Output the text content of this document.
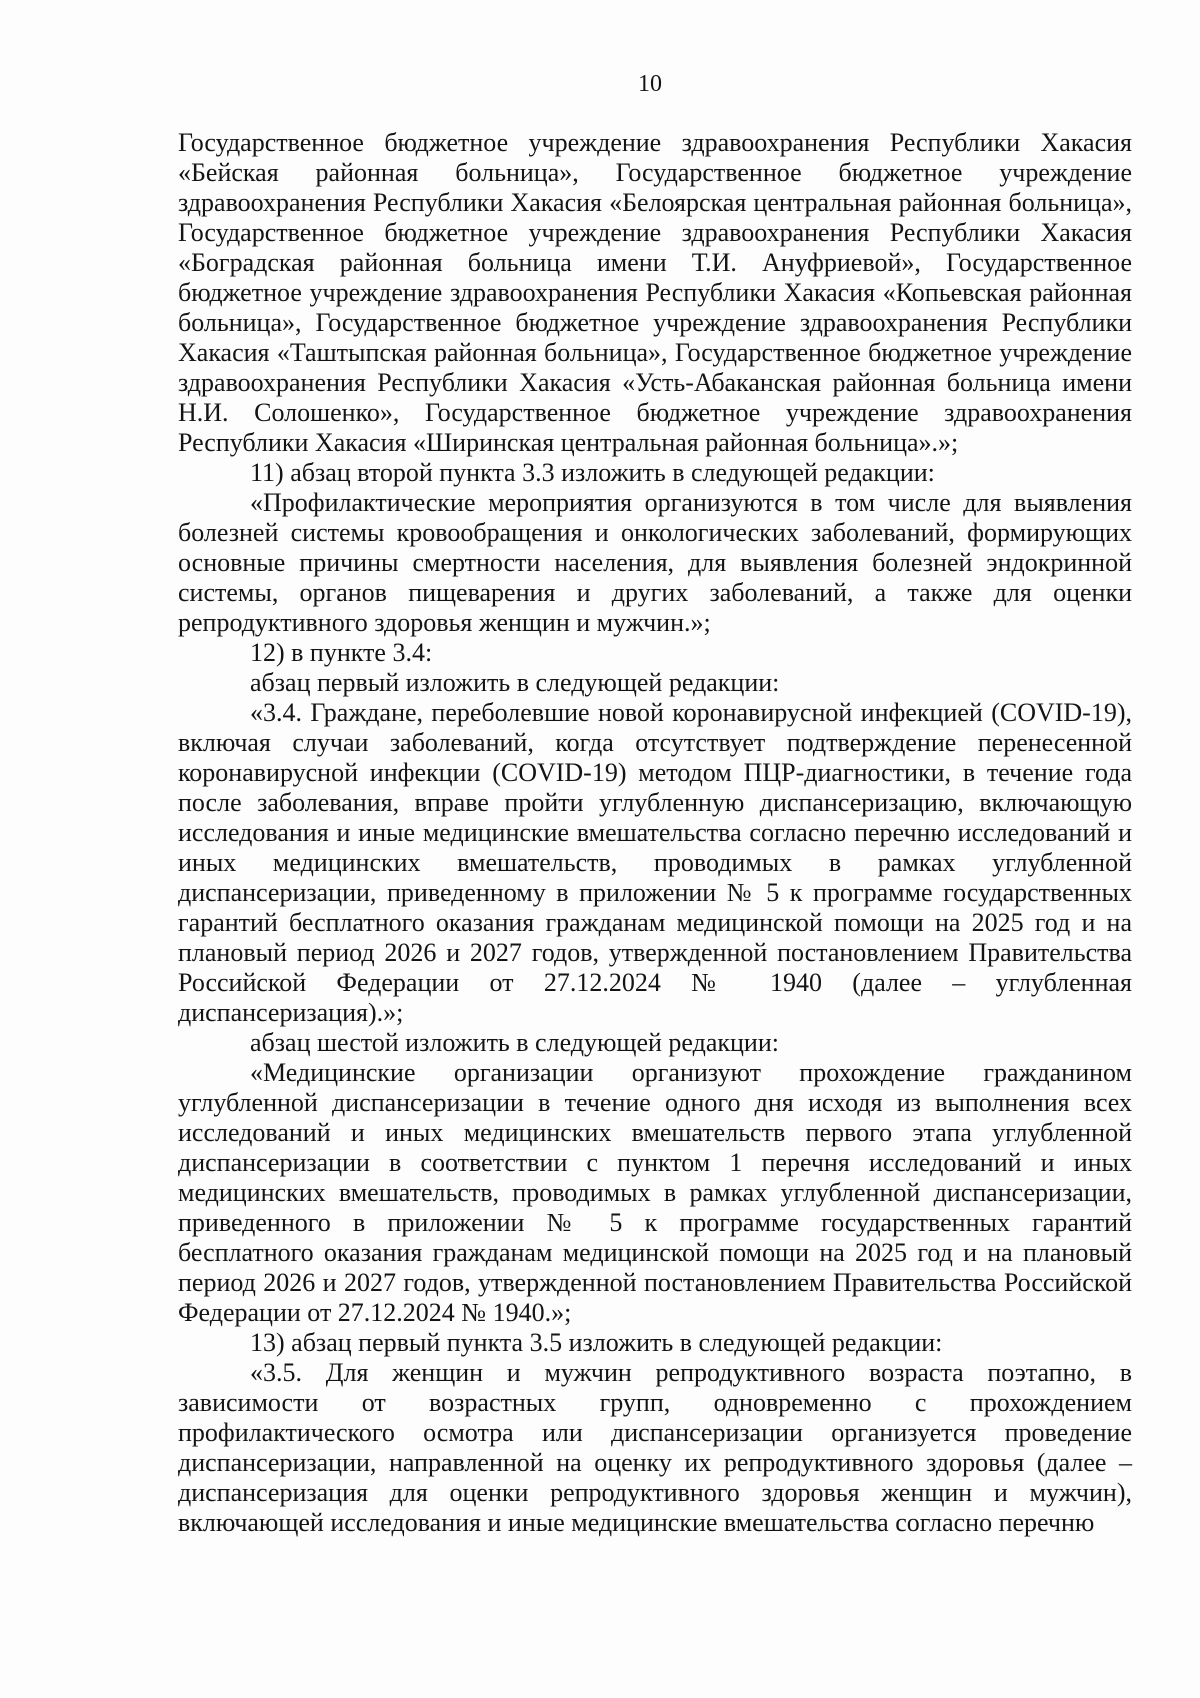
10

Государственное бюджетное учреждение здравоохранения Республики Хакасия «Бейская районная больница», Государственное бюджетное учреждение здравоохранения Республики Хакасия «Белоярская центральная районная больница», Государственное бюджетное учреждение здравоохранения Республики Хакасия «Боградская районная больница имени Т.И. Ануфриевой», Государственное бюджетное учреждение здравоохранения Республики Хакасия «Копьевская районная больница», Государственное бюджетное учреждение здравоохранения Республики Хакасия «Таштыпская районная больница», Государственное бюджетное учреждение здравоохранения Республики Хакасия «Усть-Абаканская районная больница имени Н.И. Солошенко», Государственное бюджетное учреждение здравоохранения Республики Хакасия «Ширинская центральная районная больница».»;

11) абзац второй пункта 3.3 изложить в следующей редакции:

«Профилактические мероприятия организуются в том числе для выявления болезней системы кровообращения и онкологических заболеваний, формирующих основные причины смертности населения, для выявления болезней эндокринной системы, органов пищеварения и других заболеваний, а также для оценки репродуктивного здоровья женщин и мужчин.»;

12) в пункте 3.4:

абзац первый изложить в следующей редакции:

«3.4. Граждане, переболевшие новой коронавирусной инфекцией (COVID-19), включая случаи заболеваний, когда отсутствует подтверждение перенесенной коронавирусной инфекции (COVID-19) методом ПЦР-диагностики, в течение года после заболевания, вправе пройти углубленную диспансеризацию, включающую исследования и иные медицинские вмешательства согласно перечню исследований и иных медицинских вмешательств, проводимых в рамках углубленной диспансеризации, приведенному в приложении № 5 к программе государственных гарантий бесплатного оказания гражданам медицинской помощи на 2025 год и на плановый период 2026 и 2027 годов, утвержденной постановлением Правительства Российской Федерации от 27.12.2024 № 1940 (далее – углубленная диспансеризация).»;

абзац шестой изложить в следующей редакции:

«Медицинские организации организуют прохождение гражданином углубленной диспансеризации в течение одного дня исходя из выполнения всех исследований и иных медицинских вмешательств первого этапа углубленной диспансеризации в соответствии с пунктом 1 перечня исследований и иных медицинских вмешательств, проводимых в рамках углубленной диспансеризации, приведенного в приложении № 5 к программе государственных гарантий бесплатного оказания гражданам медицинской помощи на 2025 год и на плановый период 2026 и 2027 годов, утвержденной постановлением Правительства Российской Федерации от 27.12.2024 № 1940.»;

13) абзац первый пункта 3.5 изложить в следующей редакции:

«3.5. Для женщин и мужчин репродуктивного возраста поэтапно, в зависимости от возрастных групп, одновременно с прохождением профилактического осмотра или диспансеризации организуется проведение диспансеризации, направленной на оценку их репродуктивного здоровья (далее – диспансеризация для оценки репродуктивного здоровья женщин и мужчин), включающей исследования и иные медицинские вмешательства согласно перечню
